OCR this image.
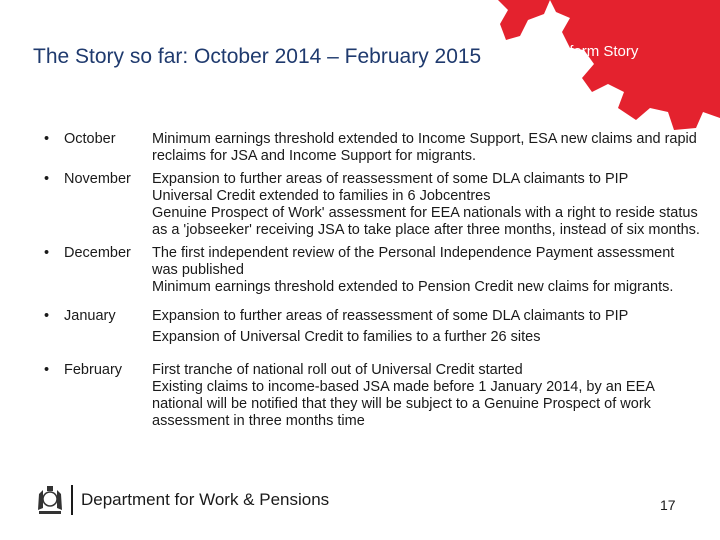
The Story so far: October 2014 – February 2015	The Reform Story
•	October	Minimum earnings threshold extended to Income Support, ESA new claims and rapid reclaims for JSA and Income Support for migrants.
•	November	Expansion to further areas of reassessment of some DLA claimants to PIP
Universal Credit extended to families in 6 Jobcentres
Genuine Prospect of Work' assessment for EEA nationals with a right to reside status as a 'jobseeker' receiving JSA to take place after three months, instead of six months.
•	December	The first independent review of the Personal Independence Payment assessment was published
Minimum earnings threshold extended to Pension Credit new claims for migrants.
•	January	Expansion to further areas of reassessment of some DLA claimants to PIP
Expansion of Universal Credit to families to a further 26 sites
•	February	First tranche of national roll out of Universal Credit started
Existing claims to income-based JSA made before 1 January 2014, by an EEA national will be notified that they will be subject to a Genuine Prospect of work assessment in three months time
Department for Work & Pensions	17
